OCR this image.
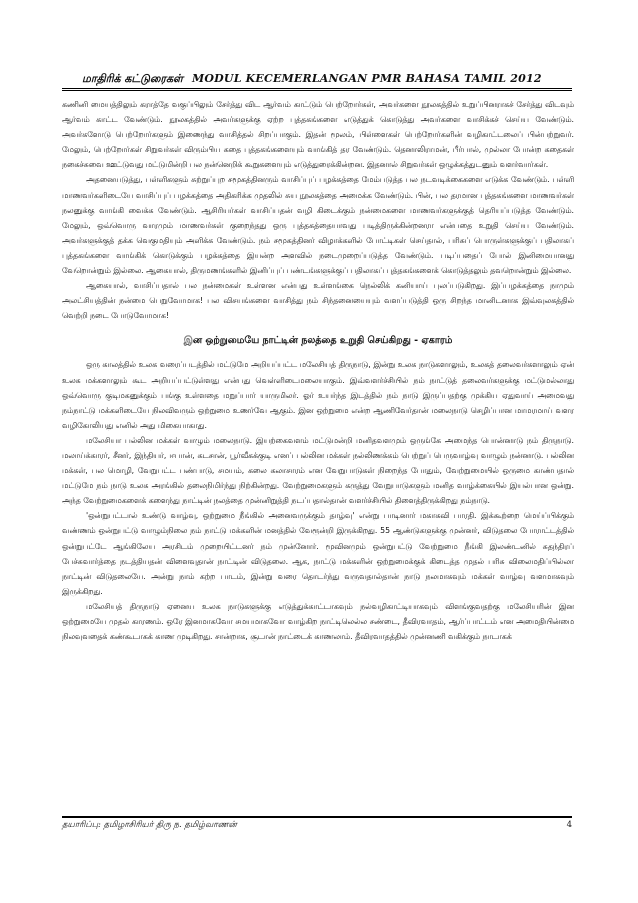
மாதிரிக் கட்டுரைகள் MODUL KECEMERLANGAN PMR BAHASA TAMIL 2012

கணினி மையத்திலும் கராத்தே வகுப்பிலும் சேர்த்து விட ஆர்வம் காட்டும் பெற்றோர்கள், அவர்களை நூலகத்தில் உறுப்பினராகச் சேர்த்து விடவும் ஆர்வம் காட்ட வேண்டும். நூலகத்தில் அவர்களுக்கு ஏற்ற புத்தகங்களை எடுத்துக் கொடுத்து அவர்களை வாசிக்கச் செய்ய வேண்டும். அவர்களோடு பெற்றோர்களும் இணைந்து வாசித்தல் சிறப்பாகும். இதன் மூலம், பிள்ளைகள் பெற்றோர்களின் வழிகாட்டலைப் பின்பற்றுவர். மேலும், பெற்றோர்கள் சிறுவர்கள் விரும்பிய கதை புத்தகங்களையும் வாங்கித் தர வேண்டும். தெனாலிராமன், பீர்பால், முல்லா போன்ற கதைகள் நகைச்சுவை ஊட்டுவது மட்டுமின்றி பல நன்னெறிக் கூறுகளையும் எடுத்துரைக்கின்றன. இதனால் சிறுவர்கள் ஒழுக்கத்துடனும் வளர்வார்கள்.

அதனையடுத்து, பள்ளிகளும் சுற்றுப்புற சமூகத்தினரும் வாசிப்புப் பழக்கத்தை மேம்படுத்த பல நடவடிக்கைகளை எடுக்க வேண்டும். பள்ளி மாணவர்களிடையே வாசிப்புப் பழக்கத்தை அதிகரிக்க முதலில் சுய நூலகத்தை அமைக்க வேண்டும். பின், பல தரமான புத்தகங்களை மாணவர்கள் நலனுக்கு வாங்கி வைக்க வேண்டும். ஆசிரியர்கள் வாசிப்பதன் வழி கிடைக்கும் நன்மைகளை மாணவர்களுக்குத் தெரியப்படுத்த வேண்டும். மேலும், ஒவ்வொரு வாரமும் மாணவர்கள் குறைந்தது ஒரு புத்தகத்தையாவது படித்திருக்கின்றனரா என்பதை உறுதி செய்ய வேண்டும். அவர்களுக்குத் தக்க வெகுமதியும் அளிக்க வேண்டும். நம் சமூகத்தினர் விழாக்களில் போட்டிகள் செய்தால், பரிசுப் பொருள்களுக்குப் பதிலாகப் புத்தகங்களை வாங்கிக் கொடுக்கும் பழக்கத்தை இயன்ற அளவில் நடைமுறைப்படுத்த வேண்டும். படிப்பதைப் போல் இனிமையானது வேறொன்றும் இல்லை. ஆகையால், திருமணங்களில் இனிப்புப் பண்டங்களுக்குப் பதிலாகப் புத்தகங்களைக் கொடுத்தலும் தவறொன்றும் இல்லை.

ஆகையால், வாசிப்பதால் பல நன்மைகள் உள்ளன என்பது உள்ளங்கை நெல்லிக் கனியாய் புலப்படுகிறது. இப்பழக்கத்தை நாமும் அலட்சியத்தின் நன்மை பெறுவோமாக! பல விசயங்களை வாசித்து நம் சிந்தனையையும் வளப்படுத்தி ஒரு சிறந்த மானிடனாக இவ்வுலகத்தில் வெற்றி நடை போடுவோமாக!

இன ஒற்றுமையே நாட்டின் நலத்தை உறுதி செய்கிறது - ஏகாரம்

ஒரு காலத்தில் உலக வரைப்படத்தில் மட்டுமே அறியப்பட்ட மலேசியத் திருநாடு, இன்று உலக நாடுகளாலும், உலகத் தலைவர்களாலும் ஏன் உலக மக்களாலும் கூட அறியப்பட்டுள்ளது என்பது வெள்ளிடைமலையாகும். இவ்வளர்ச்சியில் நம் நாட்டுத் தலைவர்களுக்கு மட்டுமல்லாது ஒவ்வொரு குடிமகனுக்கும் பங்கு உள்ளதை மறுப்பார் யாருமிலர். ஓர் உயர்ந்த இடத்தில் நம் நாடு இருப்பதற்கு முக்கிய ஏதுவாய் அமைவது நம்நாட்டு மக்களிடையே நிலவிவரும் ஒற்றுமை உணர்வே ஆகும். இன ஒற்றுமை என்ற ஆணிவேர்தான் மலைநாடு செழிப்பான மாமரமாய் வளர வழிகோலியது எனில் அது மிகையாகாது.

மலேசியா பல்லின மக்கள் வாழும் மலைநாடு. இயற்கைவளம் மட்டுமன்றி மனிதவளமும் ஒருங்கே அமைந்த பொன்னாடு நம் திருநாடு. மலாய்க்காரர், சீனர், இந்தியர், ஈபான், கடசான், பூர்வீகக்குடி எனப் பல்லின மக்கள் நல்லிணக்கம் பெற்றுப் பெருவாழ்வு வாழும் நன்னாடு. பல்லின மக்கள், பல மொழி, வேறுபட்ட பண்பாடு, சமயம், கலை கலாசாரம் என வேறுபாடுகள் நிறைந்த போதும், வேற்றுமையில் ஒருமை காண்பதால் மட்டுமே நம் நாடு உலக அரங்கில் தலைநிமிர்ந்து நிற்கின்றது. வேற்றுமைகளும் கருத்து வேறுபாடுகளும் மனித வாழ்க்கையில் இயல்பான ஒன்று. அந்த வேற்றுமைகளைக் களைந்து நாட்டின் நலத்தை முன்னிறுத்தி நடப்பதால்தான் வளர்ச்சியில் திளைத்திருக்கிறது நம்நாடு.

'ஒன்றுபட்டால் உண்டு வாழ்வு, ஒற்றுமை நீங்கில் அனைவருக்கும் தாழ்வு' என்று பாடினார் மகாகவி பாரதி. இக்கூற்றை மெய்ப்பிக்கும் வண்ணம் ஒன்றுபட்டு வாழும்நிலை நம் நாட்டு மக்களின் மனத்தில் வேரூன்றி இருக்கிறது. 55 ஆண்டுகளுக்கு முன்னர், விடுதலை போராட்டத்தில் ஒன்றுபட்டே ஆங்கிலேய அரசிடம் முறையிட்டனர் நம் முன்னோர். மூவினமும் ஒன்றுபட்டு வேற்றுமை நீங்கி இலண்டனில் சுதந்திரப் பேச்சுவார்த்தை நடத்தியதன் விளைவுதான் நாட்டின் விடுதலை. ஆக, நாட்டு மக்களின் ஒற்றுமைக்குக் கிடைத்த முதல் பரிசு விலைமதிப்பில்லா நாட்டின் விடுதலையே. அன்று நாம் கற்ற பாடம், இன்று வரை தொடர்ந்து வருவதால்தான் நாடு நலமாகவும் மக்கள் வாழ்வு வளமாகவும் இருக்கிறது.

மலேசியத் திருநாடு ஏனைய உலக நாடுகளுக்கு எடுத்துக்காட்டாகவும் நல்வழிகாட்டியாகவும் விளங்குவதற்கு மலேசியரின் இன ஒற்றுமையே முதல் காரணம். ஒரே இனமாகவோ சமயமாகவோ வாழ்கிற நாட்டிலெல்ல சண்டை, தீவிரவாதம், ஆர்ப்பாட்டம் என அமைதியின்மை நிலவுவதைக் கண்கூடாகக் காண முடிகிறது. சான்றாக, சூடான் நாட்டைக் காணலாம். தீவிரவாதத்தில் முன்னணி வகிக்கும் நாடாகக்

தயாரிப்பு: தமிழாசிரியர் திரு ந. தமிழ்வாணன்	4
